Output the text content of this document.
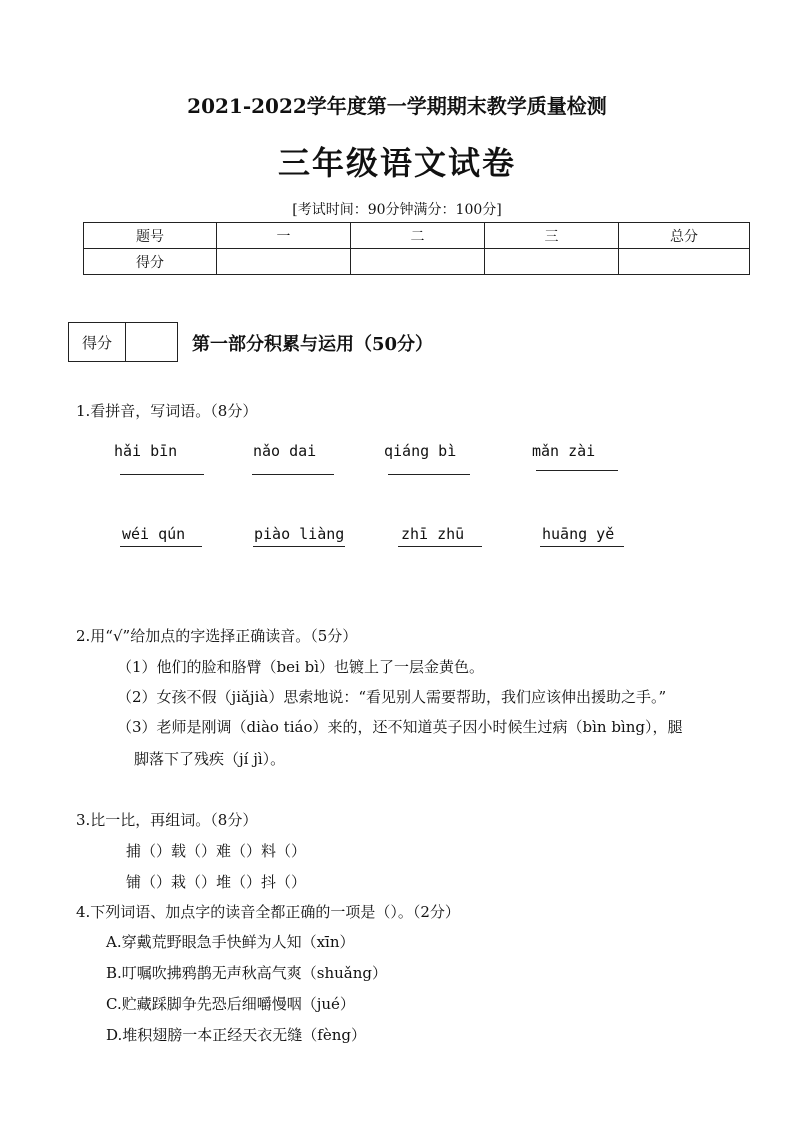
2021-2022学年度第一学期期末教学质量检测
三年级语文试卷
[考试时间：90分钟满分：100分]
题号	一	二	三	总分
得分				
得分	第一部分积累与运用（50分）
1.看拼音，写词语。（8分）
hǎi bīn	nǎo dai	qiáng bì	mǎn zài
wéi qún	piào liàng	zhī zhū	huāng yě
2.用“√”给加点的字选择正确读音。（5分）
（1）他们的脸和胳臂（bei bì）也镀上了一层金黄色。
（2）女孩不假（jiǎjià）思索地说：“看见别人需要帮助，我们应该伸出援助之手。”
（3）老师是刚调（diào tiáo）来的，还不知道英子因小时候生过病（bìn bìng），腿
脚落下了残疾（jí jì）。
3.比一比，再组词。（8分）
捕（）载（）难（）料（）
铺（）栽（）堆（）抖（）
4.下列词语、加点字的读音全都正确的一项是（）。（2分）
A.穿戴荒野眼急手快鲜为人知（xīn）
B.叮嘱吹拂鸦鹊无声秋高气爽（shuǎng）
C.贮藏踩脚争先恐后细嚼慢咽（jué）
D.堆积翅膀一本正经天衣无缝（fèng）
